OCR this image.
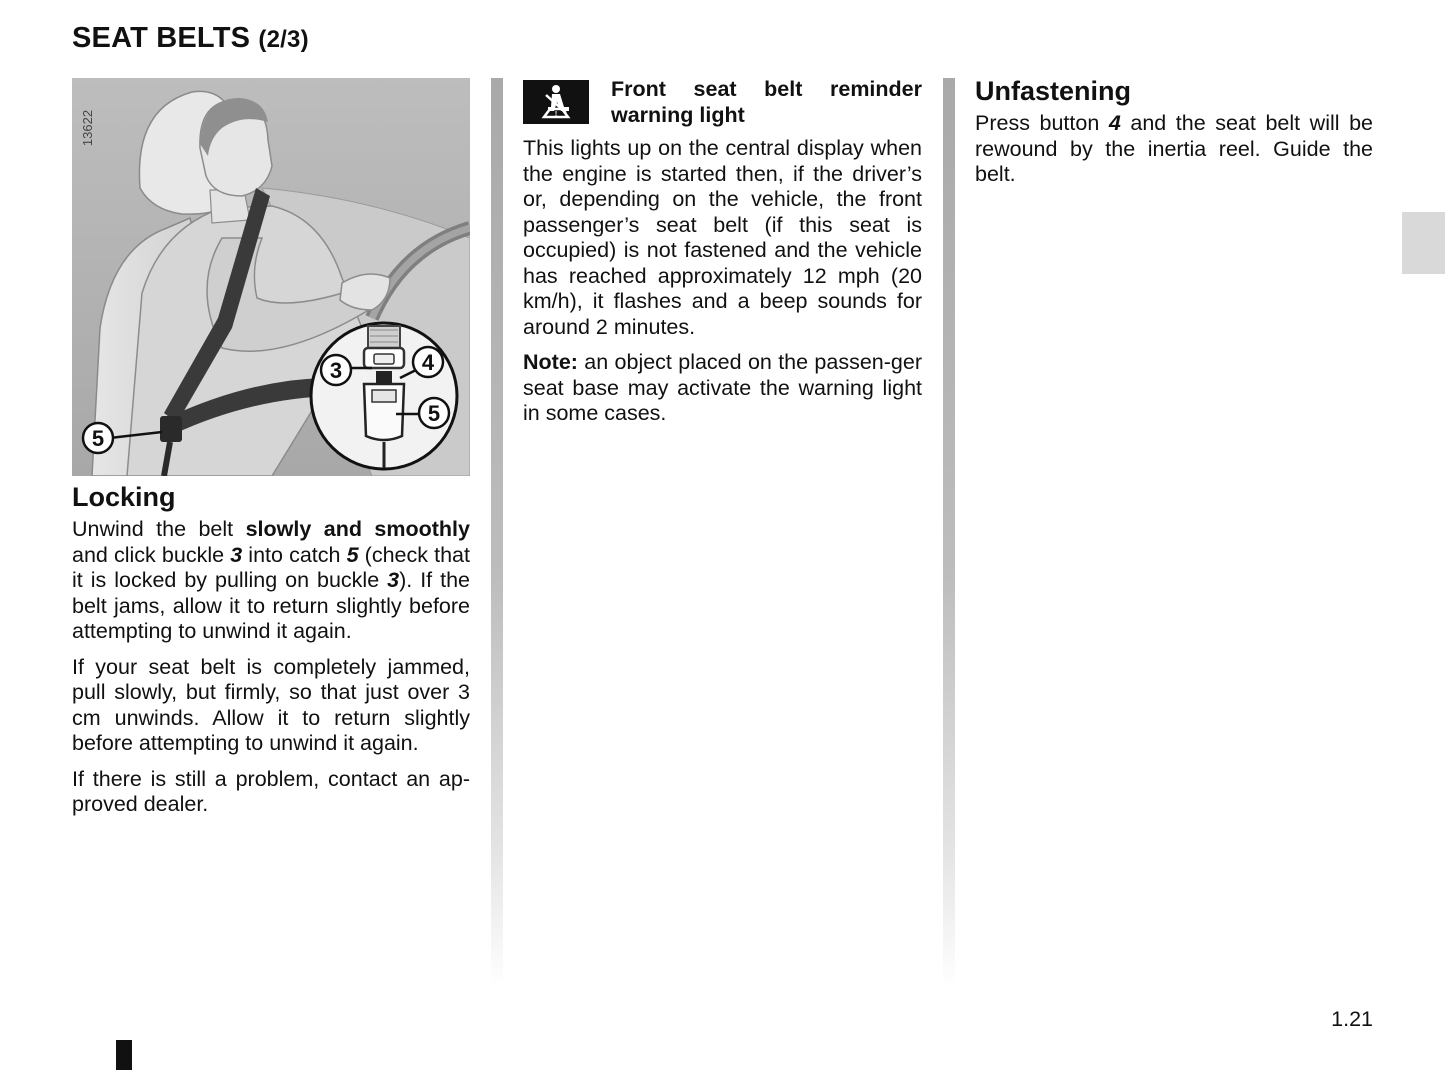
SEAT BELTS (2/3)
13622
5
3	4
5
Locking

Unwind the belt slowly and smoothly and click buckle 3 into catch 5 (check that it is locked by pulling on buckle 3). If the belt jams, allow it to return slightly before attempting to unwind it again.

If your seat belt is completely jammed, pull slowly, but firmly, so that just over 3 cm unwinds. Allow it to return slightly before attempting to unwind it again.

If there is still a problem, contact an ap-proved dealer.

!
Front seat belt reminder
warning light

This lights up on the central display when the engine is started then, if the driver’s or, depending on the vehicle, the front passenger’s seat belt (if this seat is occupied) is not fastened and the vehicle has reached approximately 12 mph (20 km/h), it flashes and a beep sounds for around 2 minutes.

Note: an object placed on the passen-ger seat base may activate the warning light in some cases.

Unfastening

Press button 4 and the seat belt will be rewound by the inertia reel. Guide the belt.

1.21
